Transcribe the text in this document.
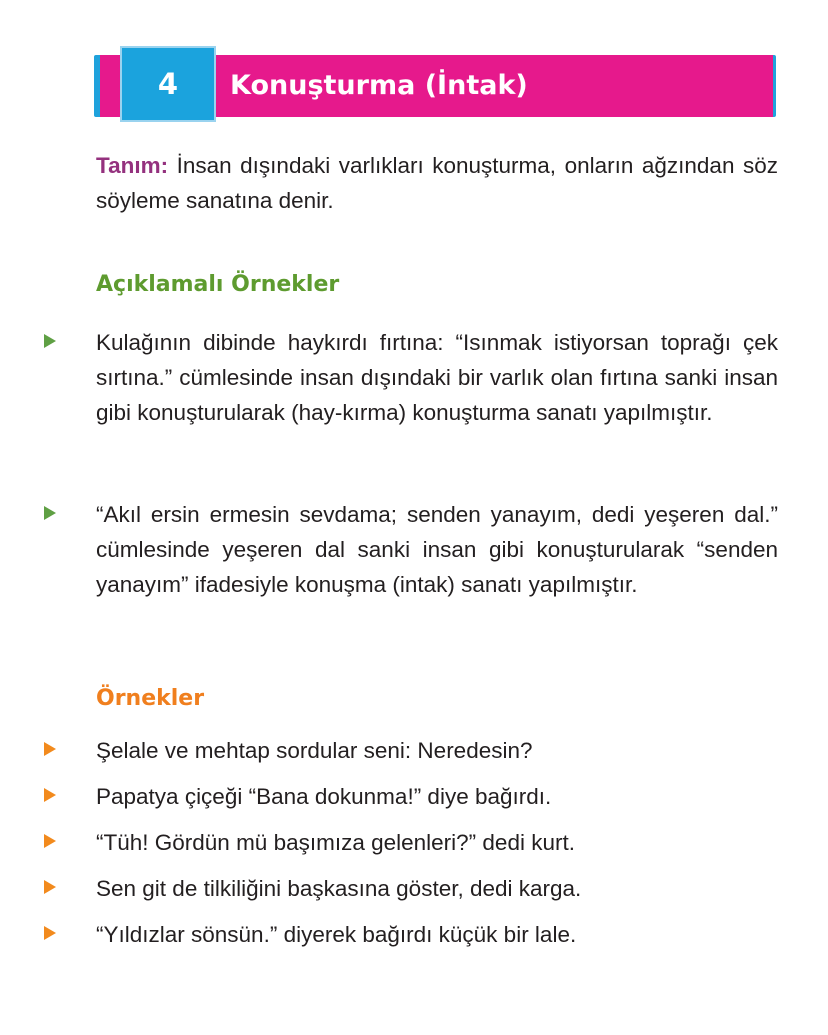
4	Konuşturma (İntak)
Tanım: İnsan dışındaki varlıkları konuşturma, onların ağzından söz söyleme sanatına denir.
Açıklamalı Örnekler
Kulağının dibinde haykırdı fırtına: “Isınmak istiyorsan toprağı çek sırtına.” cümlesinde insan dışındaki bir varlık olan fırtına sanki insan gibi konuşturularak (hay-kırma) konuşturma sanatı yapılmıştır.
“Akıl ersin ermesin sevdama; senden yanayım, dedi yeşeren dal.” cümlesinde yeşeren dal sanki insan gibi konuşturularak “senden yanayım” ifadesiyle konuşma (intak) sanatı yapılmıştır.
Örnekler
Şelale ve mehtap sordular seni: Neredesin?
Papatya çiçeği “Bana dokunma!” diye bağırdı.
“Tüh! Gördün mü başımıza gelenleri?” dedi kurt.
Sen git de tilkiliğini başkasına göster, dedi karga.
“Yıldızlar sönsün.” diyerek bağırdı küçük bir lale.
